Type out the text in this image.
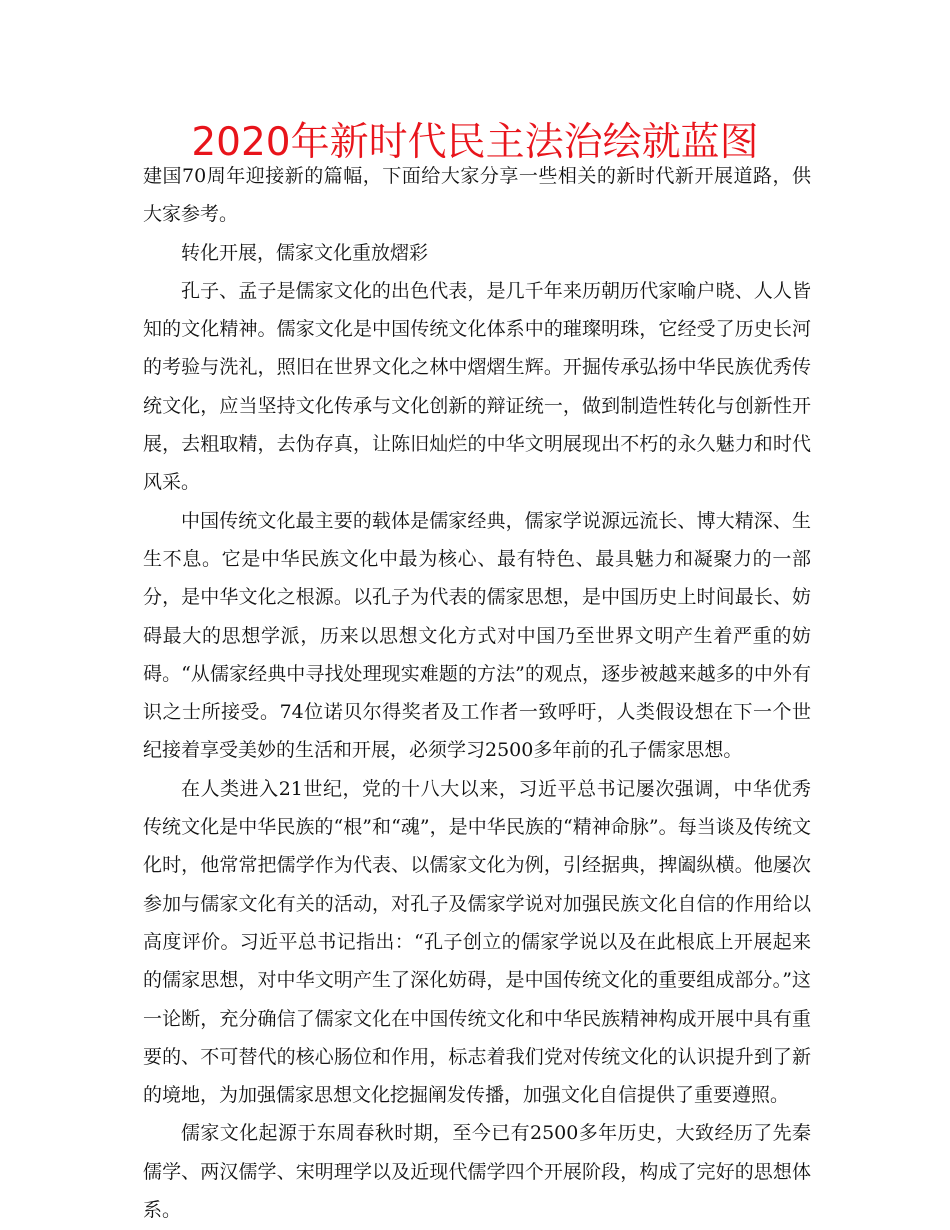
2020年新时代民主法治绘就蓝图

建国70周年迎接新的篇幅，下面给大家分享一些相关的新时代新开展道路，供大家参考。

转化开展，儒家文化重放熠彩

孔子、孟子是儒家文化的出色代表，是几千年来历朝历代家喻户晓、人人皆知的文化精神。儒家文化是中国传统文化体系中的璀璨明珠，它经受了历史长河的考验与洗礼，照旧在世界文化之林中熠熠生辉。开掘传承弘扬中华民族优秀传统文化，应当坚持文化传承与文化创新的辩证统一，做到制造性转化与创新性开展，去粗取精，去伪存真，让陈旧灿烂的中华文明展现出不朽的永久魅力和时代风采。

中国传统文化最主要的载体是儒家经典，儒家学说源远流长、博大精深、生生不息。它是中华民族文化中最为核心、最有特色、最具魅力和凝聚力的一部分，是中华文化之根源。以孔子为代表的儒家思想，是中国历史上时间最长、妨碍最大的思想学派，历来以思想文化方式对中国乃至世界文明产生着严重的妨碍。“从儒家经典中寻找处理现实难题的方法”的观点，逐步被越来越多的中外有识之士所接受。74位诺贝尔得奖者及工作者一致呼吁，人类假设想在下一个世纪接着享受美妙的生活和开展，必须学习2500多年前的孔子儒家思想。

在人类进入21世纪，党的十八大以来，习近平总书记屡次强调，中华优秀传统文化是中华民族的“根”和“魂”，是中华民族的“精神命脉”。每当谈及传统文化时，他常常把儒学作为代表、以儒家文化为例，引经据典，捭阖纵横。他屡次参加与儒家文化有关的活动，对孔子及儒家学说对加强民族文化自信的作用给以高度评价。习近平总书记指出：“孔子创立的儒家学说以及在此根底上开展起来的儒家思想，对中华文明产生了深化妨碍，是中国传统文化的重要组成部分。”这一论断，充分确信了儒家文化在中国传统文化和中华民族精神构成开展中具有重要的、不可替代的核心肠位和作用，标志着我们党对传统文化的认识提升到了新的境地，为加强儒家思想文化挖掘阐发传播，加强文化自信提供了重要遵照。

儒家文化起源于东周春秋时期，至今已有2500多年历史，大致经历了先秦儒学、两汉儒学、宋明理学以及近现代儒学四个开展阶段，构成了完好的思想体系。
